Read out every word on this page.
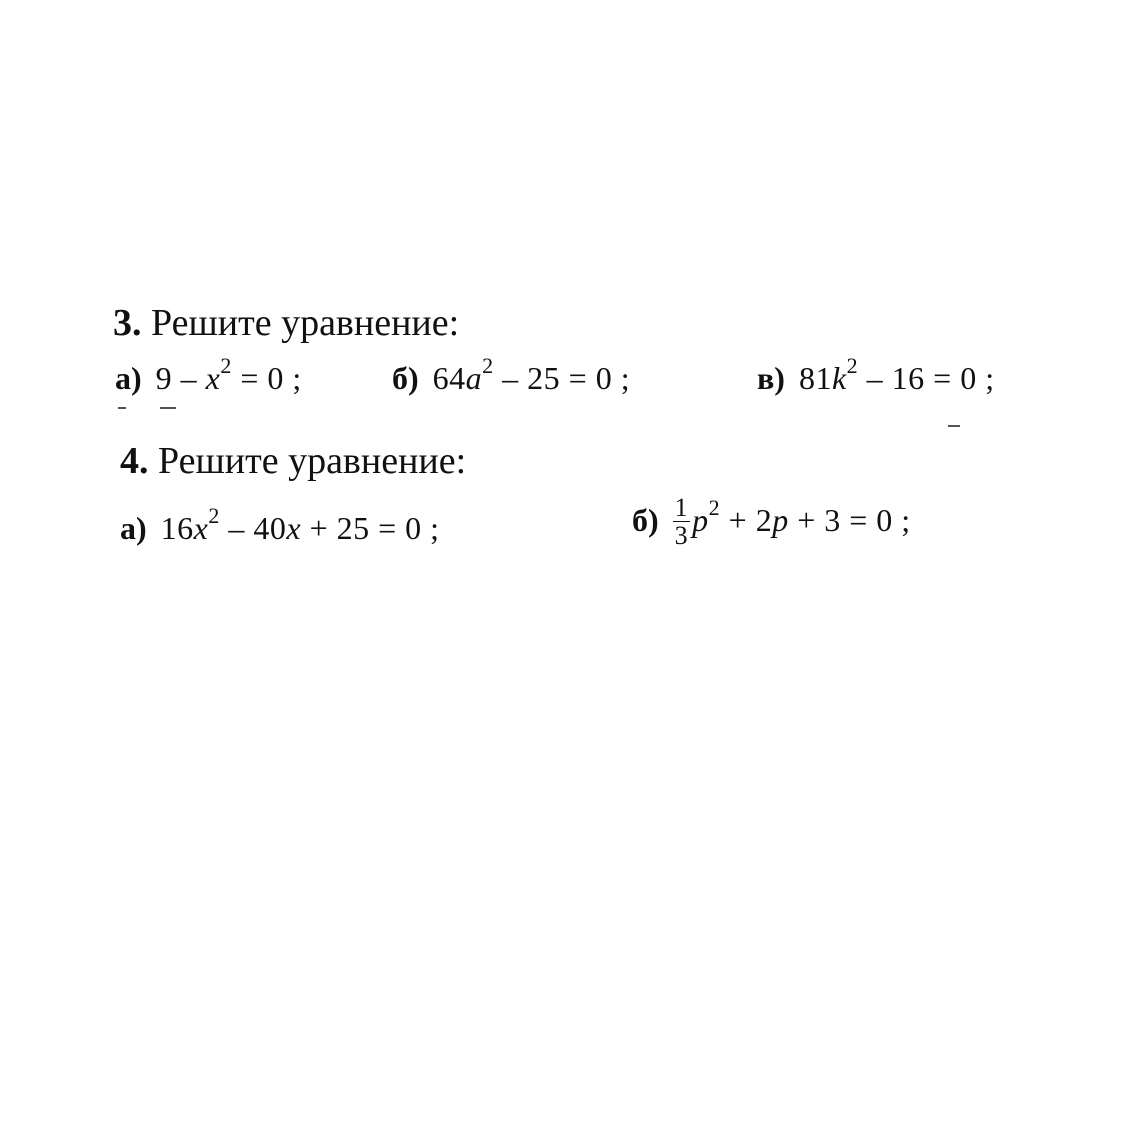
3. Решите уравнение:
а) $9 - x^2 = 0$ ;	б) $64a^2 - 25 = 0$ ;	в) $81k^2 - 16 = 0$ ;
4. Решите уравнение:
а) $16x^2 - 40x + 25 = 0$ ;	$б) \frac{1}{3} p^2 + 2p + 3 = 0$ ;
